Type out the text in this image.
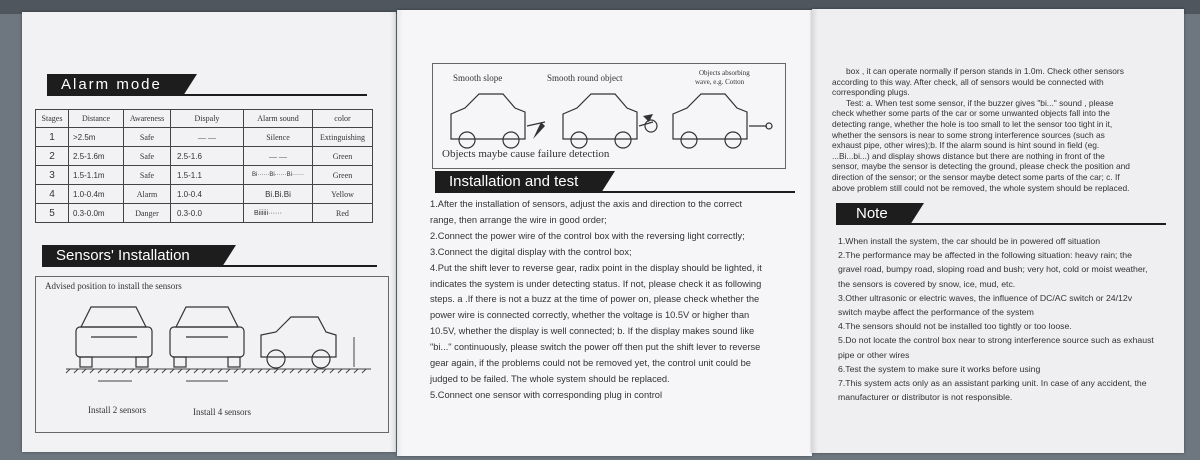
Alarm mode
Stages	Distance	Awareness	Dispaly	Alarm sound	color
1	>2.5m	Safe	— —	Silence	Extinguishing
2	2.5-1.6m	Safe	2.5-1.6	— —	Green
3	1.5-1.1m	Safe	1.5-1.1	Bi······Bi······Bi······	Green
4	1.0-0.4m	Alarm	1.0-0.4	Bi.Bi.Bi	Yellow
5	0.3-0.0m	Danger	0.3-0.0	Biiiiii······	Red
Sensors' Installation
Advised position to install the sensors
Install 2 sensors	Install 4 sensors
Smooth slope	Smooth round object	Objects absorbing
wave, e.g. Cotton
Objects maybe cause failure detection
Installation and test
1.After the installation of sensors, adjust the axis and direction to the correct
range, then arrange the wire in good order;
2.Connect the power wire of the control box with the reversing light correctly;
3.Connect the digital display with the control box;
4.Put the shift lever to reverse gear, radix point in the display should be lighted, it
indicates the system is under detecting status. If not, please check it as following
steps. a .If there is not a buzz at the time of power on, please check whether the
power wire is connected correctly, whether the voltage is 10.5V or higher than
10.5V, whether the display is well connected; b. If the display makes sound like
"bi..." continuously, please switch the power off then put the shift lever to reverse
gear again, if the problems could not be removed yet, the control unit could be
judged to be failed. The whole system should be replaced.
5.Connect one sensor with corresponding plug in control
box , it can operate normally if person stands in 1.0m. Check other sensors
according to this way. After check, all of sensors would be connected with
corresponding plugs.
Test: a. When test some sensor, if the buzzer gives "bi..." sound , please
check whether some parts of the car or some unwanted objects fall into the
detecting range, whether the hole is too small to let the sensor too tight in it,
whether the sensors is near to some strong interference sources (such as
exhaust pipe, other wires);b. If the alarm sound is hint sound in field (eg.
...Bi...bi...) and display shows distance but there are nothing in front of the
sensor, maybe the sensor is detecting the ground, please check the position and
direction of the sensor; or the sensor maybe detect some parts of the car; c. If
above problem still could not be removed, the whole system should be replaced.
Note
1.When install the system, the car should be in powered off situation
2.The performance may be affected in the following situation: heavy rain; the
gravel road, bumpy road, sloping road and bush; very hot, cold or moist weather,
the sensors is covered by snow, ice, mud, etc.
3.Other ultrasonic or electric waves, the influence of DC/AC switch or 24/12v
switch maybe affect the performance of the system
4.The sensors should not be installed too tightly or too loose.
5.Do not locate the control box near to strong interference source such as exhaust
pipe or other wires
6.Test the system to make sure it works before using
7.This system acts only as an assistant parking unit. In case of any accident, the
manufacturer or distributor is not responsible.
